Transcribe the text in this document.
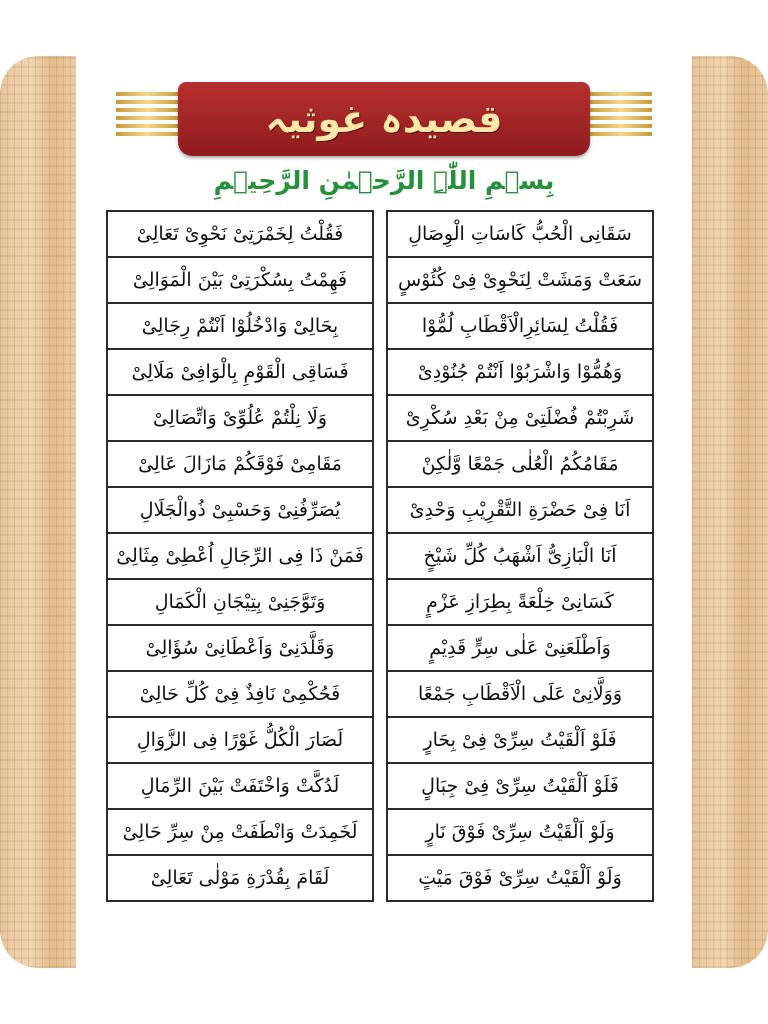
قصیدہ غوثیہ
بِسۡمِ اللّٰہِ الرَّحۡمٰنِ الرَّحِیۡمِ
سَقَانِی الْحُبُّ کَاسَاتِ الْوِصَالِ
سَعَتْ وَمَشَتْ لِنَحْوِیْ فِیْ کُئُوْسٍ
فَقُلْتُ لِسَائِرِالْاَقْطَابِ لُمُّوْا
وَهُمُّوْا وَاشْرَبُوْا اَنْتُمْ جُنُوْدِیْ
شَرِبْتُمْ فُضْلَتِیْ مِنْ بَعْدِ سُکْرِیْ
مَقَامُکُمُ الْعُلٰی جَمْعًا وَّلٰکِنْ
اَنَا فِیْ حَضْرَةِ التَّقْرِیْبِ وَحْدِیْ
اَنَا الْبَازِیُّ اَشْهَبُ کُلِّ شَیْخٍ
کَسَانِیْ خِلْعَةً بِطِرَازِ عَزْمٍ
وَاَطْلَعَنِیْ عَلٰی سِرٍّ قَدِیْمٍ
وَوَلَّانِیْ عَلَی الْاَقْطَابِ جَمْعًا
فَلَوْ اَلْقَیْتُ سِرِّیْ فِیْ بِحَارٍ
فَلَوْ اَلْقَیْتُ سِرِّیْ فِیْ جِبَالٍ
وَلَوْ اَلْقَیْتُ سِرِّیْ فَوْقَ نَارٍ
وَلَوْ اَلْقَیْتُ سِرِّیْ فَوْقَ مَیْتٍ
فَقُلْتُ لِخَمْرَتِیْ نَحْوِیْ تَعَالِیْ
فَهِمْتُ بِسُکْرَتِیْ بَیْنَ الْمَوَالِیْ
بِحَالِیْ وَادْخُلُوْا اَنْتُمْ رِجَالِیْ
فَسَاقِی الْقَوْمِ بِالْوَافِیْ مَلَالِیْ
وَلَا نِلْتُمْ عُلُوِّیْ وَاتِّصَالِیْ
مَقَامِیْ فَوْقَکُمْ مَازَالَ عَالِیْ
یُصَرِّفُنِیْ وَحَسْبِیْ ذُوالْجَلَالِ
فَمَنْ ذَا فِی الرِّجَالِ اُعْطِیْ مِثَالِیْ
وَتَوَّجَنِیْ بِتِیْجَانِ الْکَمَالِ
وَقَلَّدَنِیْ وَاَعْطَانِیْ سُؤَالِیْ
فَحُکْمِیْ نَافِذٌ فِیْ کُلِّ حَالِیْ
لَصَارَ الْکُلُّ غَوْرًا فِی الزَّوَالِ
لَدُکَّتْ وَاخْتَفَتْ بَیْنَ الرِّمَالِ
لَخَمِدَتْ وَانْطَفَتْ مِنْ سِرِّ حَالِیْ
لَقَامَ بِقُدْرَةِ مَوْلٰی تَعَالِیْ
